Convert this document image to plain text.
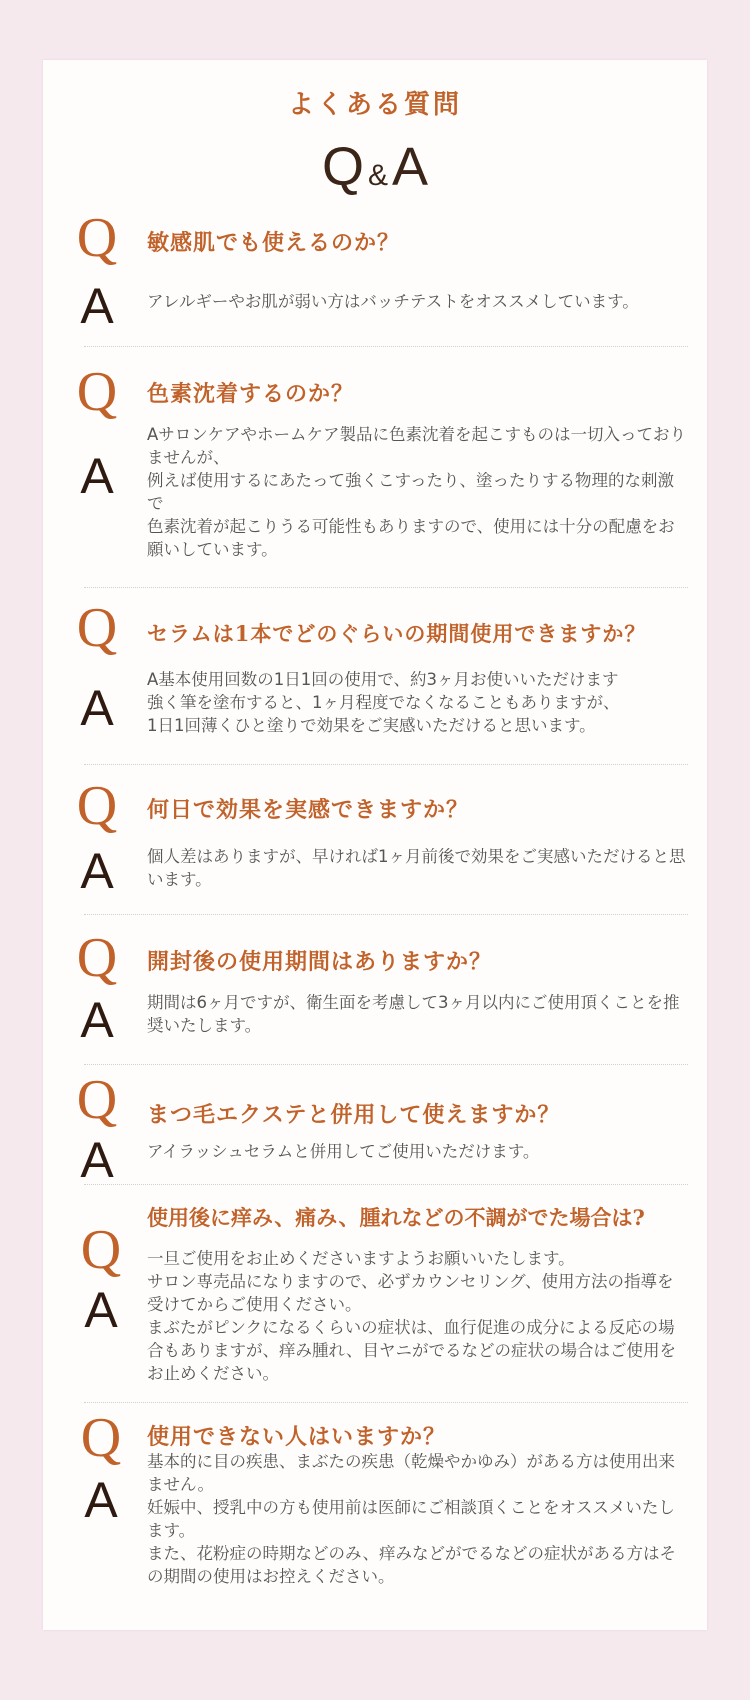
よくある質問
Q &A
Q 敏感肌でも使えるのか？
A	アレルギーやお肌が弱い方はバッチテストをオススメしています。

Q 色素沈着するのか？
A

Aサロンケアやホームケア製品に色素沈着を起こすものは一切入っておりませんが、

例えば使用するにあたって強くこすったり、塗ったりする物理的な刺激で

色素沈着が起こりうる可能性もありますので、使用には十分の配慮をお願いしています。

Q セラムは1本でどのぐらいの期間使用できますか？
A

A基本使用回数の1日1回の使用で、約3ヶ月お使いいただけます

強く筆を塗布すると、1ヶ月程度でなくなることもありますが、

1日1回薄くひと塗りで効果をご実感いただけると思います。

Q 何日で効果を実感できますか？
A	個人差はありますが、早ければ1ヶ月前後で効果をご実感いただけると思います。

Q 開封後の使用期間はありますか？
A	期間は6ヶ月ですが、衛生面を考慮して3ヶ月以内にご使用頂くことを推奨いたします。

Q まつ毛エクステと併用して使えますか？
A	アイラッシュセラムと併用してご使用いただけます。

Q
使用後に痒み、痛み、腫れなどの不調がでた場合は?
A

一旦ご使用をお止めくださいますようお願いいたします。

サロン専売品になりますので、必ずカウンセリング、使用方法の指導を受けてからご使用ください。

まぶたがピンクになるくらいの症状は、血行促進の成分による反応の場合もありますが、痒み腫れ、目ヤニがでるなどの症状の場合はご使用をお止めください。

Q 使用できない人はいますか？
A

基本的に目の疾患、まぶたの疾患（乾燥やかゆみ）がある方は使用出来ません。

妊娠中、授乳中の方も使用前は医師にご相談頂くことをオススメいたします。

また、花粉症の時期などのみ、痒みなどがでるなどの症状がある方はその期間の使用はお控えください。
